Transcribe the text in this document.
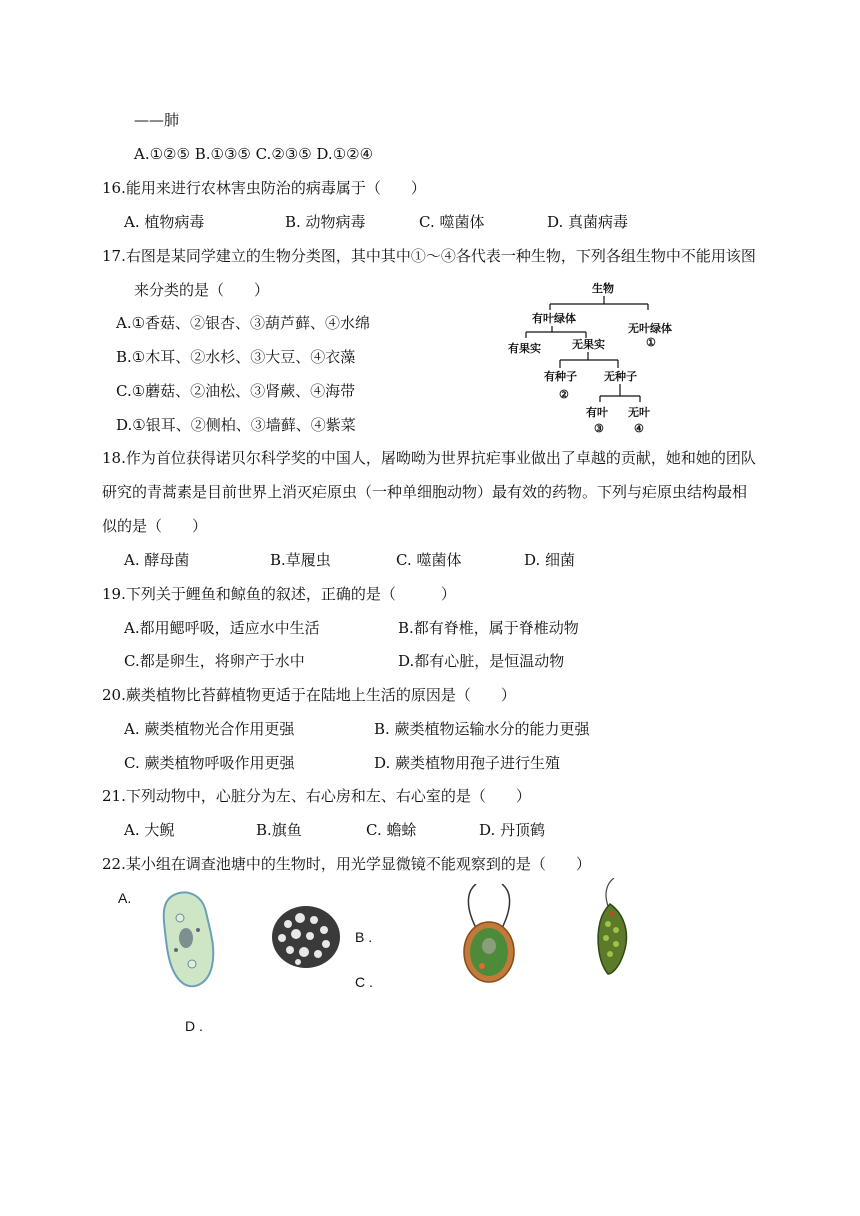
——肺
A.①②⑤ B.①③⑤ C.②③⑤ D.①②④
16.能用来进行农林害虫防治的病毒属于（　　）
A. 植物病毒	B. 动物病毒	C. 噬菌体	D. 真菌病毒
17.右图是某同学建立的生物分类图，其中其中①～④各代表一种生物，下列各组生物中不能用该图
来分类的是（　　）
A.①香菇、②银杏、③葫芦藓、④水绵
B.①木耳、②水杉、③大豆、④衣藻
C.①蘑菇、②油松、③肾蕨、④海带
D.①银耳、②侧柏、③墙藓、④紫菜
生物
有叶绿体
无叶绿体
①
有果实	无果实
有种子
②
无种子
有叶 无叶
③	④
18.作为首位获得诺贝尔科学奖的中国人，屠呦呦为世界抗疟事业做出了卓越的贡献，她和她的团队
研究的青蒿素是目前世界上消灭疟原虫（一种单细胞动物）最有效的药物。下列与疟原虫结构最相
似的是（　　）
A. 酵母菌	B.草履虫	C. 噬菌体	D. 细菌
19.下列关于鲤鱼和鲸鱼的叙述，正确的是（　　　）
A.都用鳃呼吸，适应水中生活	B.都有脊椎，属于脊椎动物
C.都是卵生，将卵产于水中	D.都有心脏，是恒温动物
20.蕨类植物比苔藓植物更适于在陆地上生活的原因是（　　）
A. 蕨类植物光合作用更强	B. 蕨类植物运输水分的能力更强
C. 蕨类植物呼吸作用更强	D. 蕨类植物用孢子进行生殖
21.下列动物中，心脏分为左、右心房和左、右心室的是（　　）
A. 大鲵	B.旗鱼	C. 蟾蜍	D. 丹顶鹤
22.某小组在调查池塘中的生物时，用光学显微镜不能观察到的是（　　）
A.
B .
C .
D .
